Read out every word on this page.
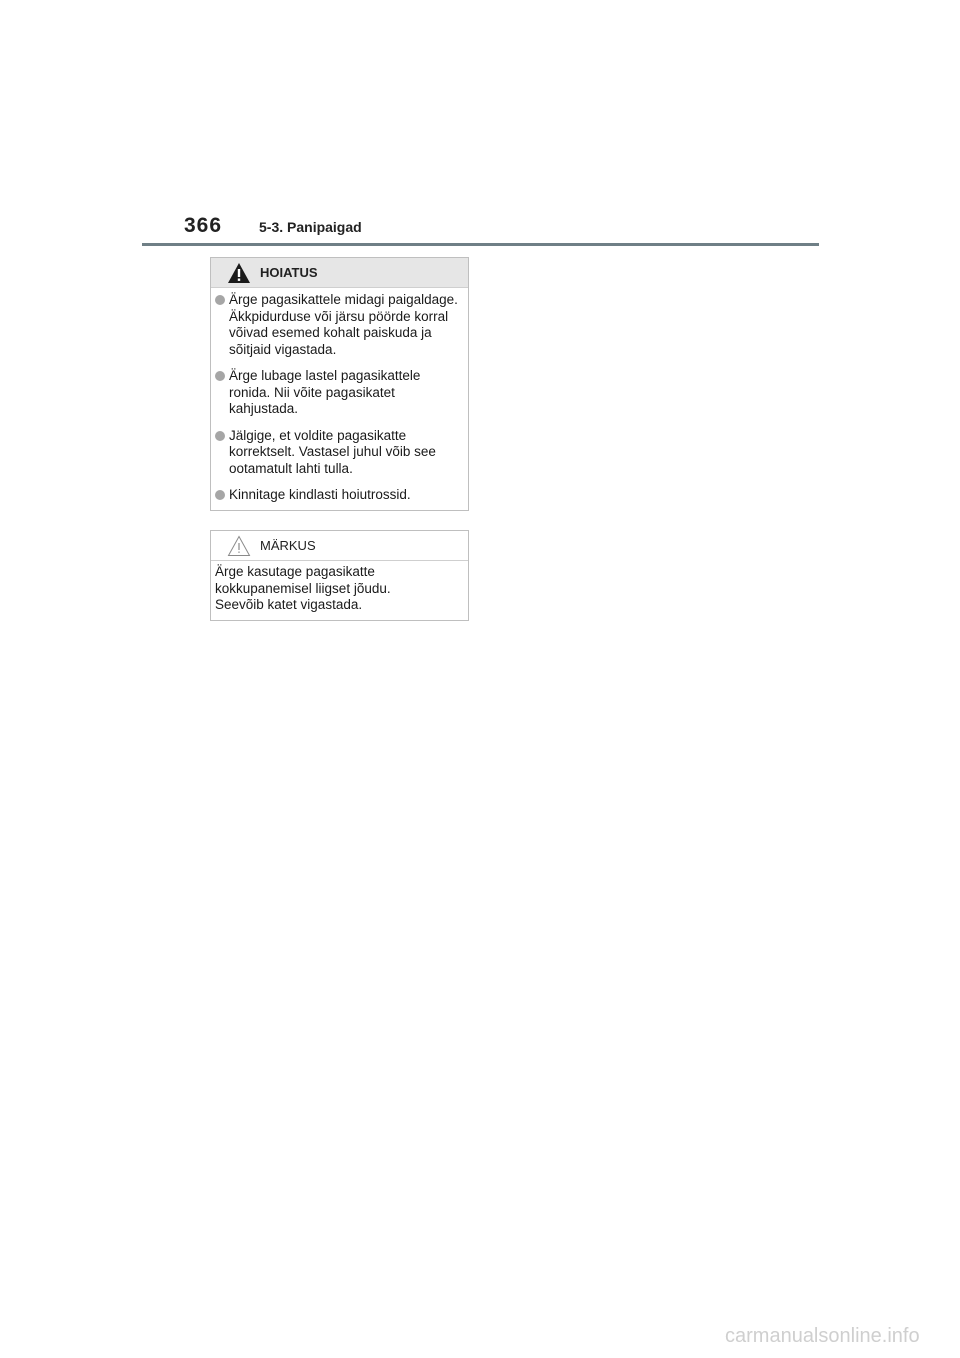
366	5-3. Panipaigad
HOIATUS
Ärge pagasikattele midagi paigaldage. Äkkpidurduse või järsu pöörde korral võivad esemed kohalt paiskuda ja sõitjaid vigastada.
Ärge lubage lastel pagasikattele ronida. Nii võite pagasikatet kahjustada.
Jälgige, et voldite pagasikatte korrektselt. Vastasel juhul võib see ootamatult lahti tulla.
Kinnitage kindlasti hoiutrossid.
MÄRKUS
Ärge kasutage pagasikatte
kokkupanemisel liigset jõudu.
Seevõib katet vigastada.
carmanualsonline.info
